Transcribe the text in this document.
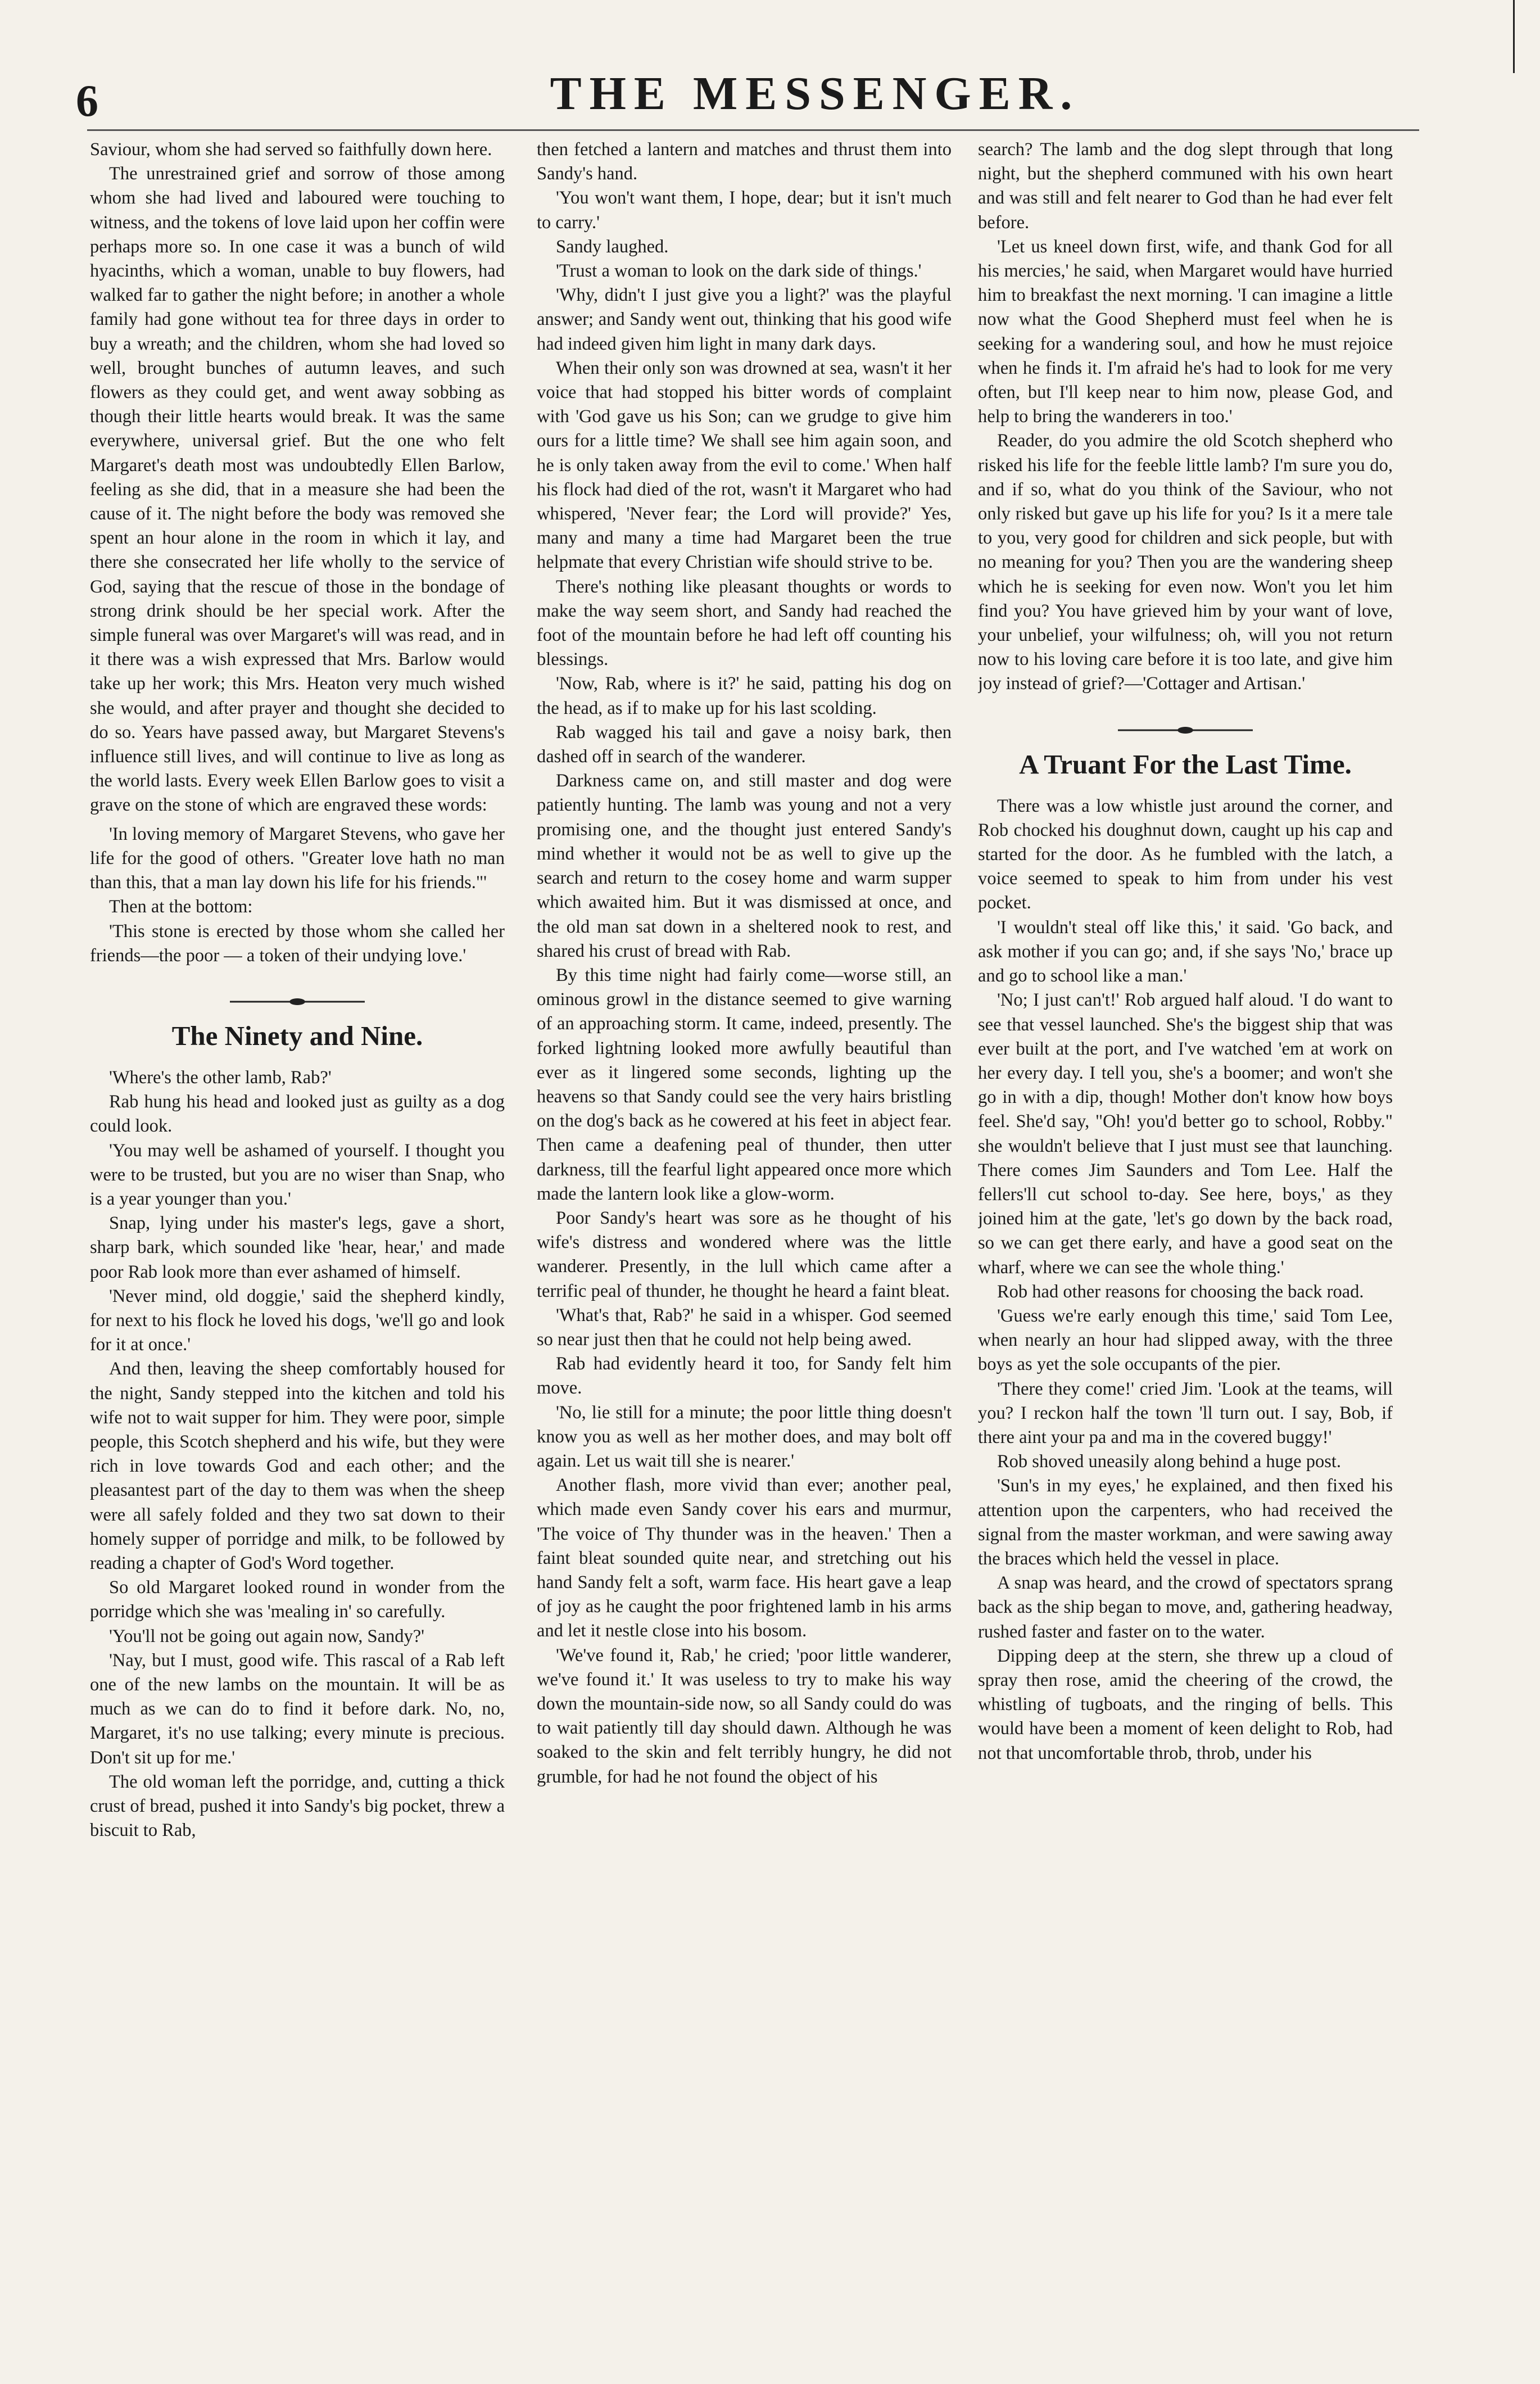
6	THE MESSENGER.

Saviour, whom she had served so faithfully down here.

The unrestrained grief and sorrow of those among whom she had lived and laboured were touching to witness, and the tokens of love laid upon her coffin were perhaps more so. In one case it was a bunch of wild hyacinths, which a woman, unable to buy flowers, had walked far to gather the night before; in another a whole family had gone without tea for three days in order to buy a wreath; and the children, whom she had loved so well, brought bunches of autumn leaves, and such flowers as they could get, and went away sobbing as though their little hearts would break. It was the same everywhere, universal grief. But the one who felt Margaret's death most was undoubtedly Ellen Barlow, feeling as she did, that in a measure she had been the cause of it. The night before the body was removed she spent an hour alone in the room in which it lay, and there she consecrated her life wholly to the service of God, saying that the rescue of those in the bondage of strong drink should be her special work. After the simple funeral was over Margaret's will was read, and in it there was a wish expressed that Mrs. Barlow would take up her work; this Mrs. Heaton very much wished she would, and after prayer and thought she decided to do so. Years have passed away, but Margaret Stevens's influence still lives, and will continue to live as long as the world lasts. Every week Ellen Barlow goes to visit a grave on the stone of which are engraved these words:

'In loving memory of Margaret Stevens, who gave her life for the good of others. "Greater love hath no man than this, that a man lay down his life for his friends."'

Then at the bottom:

'This stone is erected by those whom she called her friends—the poor — a token of their undying love.'

The Ninety and Nine.

'Where's the other lamb, Rab?'

Rab hung his head and looked just as guilty as a dog could look.

'You may well be ashamed of yourself. I thought you were to be trusted, but you are no wiser than Snap, who is a year younger than you.'

Snap, lying under his master's legs, gave a short, sharp bark, which sounded like 'hear, hear,' and made poor Rab look more than ever ashamed of himself.

'Never mind, old doggie,' said the shepherd kindly, for next to his flock he loved his dogs, 'we'll go and look for it at once.'

And then, leaving the sheep comfortably housed for the night, Sandy stepped into the kitchen and told his wife not to wait supper for him. They were poor, simple people, this Scotch shepherd and his wife, but they were rich in love towards God and each other; and the pleasantest part of the day to them was when the sheep were all safely folded and they two sat down to their homely supper of porridge and milk, to be followed by reading a chapter of God's Word together.

So old Margaret looked round in wonder from the porridge which she was 'mealing in' so carefully.

'You'll not be going out again now, Sandy?'

'Nay, but I must, good wife. This rascal of a Rab left one of the new lambs on the mountain. It will be as much as we can do to find it before dark. No, no, Margaret, it's no use talking; every minute is precious. Don't sit up for me.'

The old woman left the porridge, and, cutting a thick crust of bread, pushed it into Sandy's big pocket, threw a biscuit to Rab,

then fetched a lantern and matches and thrust them into Sandy's hand.

'You won't want them, I hope, dear; but it isn't much to carry.'

Sandy laughed.

'Trust a woman to look on the dark side of things.'

'Why, didn't I just give you a light?' was the playful answer; and Sandy went out, thinking that his good wife had indeed given him light in many dark days.

When their only son was drowned at sea, wasn't it her voice that had stopped his bitter words of complaint with 'God gave us his Son; can we grudge to give him ours for a little time? We shall see him again soon, and he is only taken away from the evil to come.' When half his flock had died of the rot, wasn't it Margaret who had whispered, 'Never fear; the Lord will provide?' Yes, many and many a time had Margaret been the true helpmate that every Christian wife should strive to be.

There's nothing like pleasant thoughts or words to make the way seem short, and Sandy had reached the foot of the mountain before he had left off counting his blessings.

'Now, Rab, where is it?' he said, patting his dog on the head, as if to make up for his last scolding.

Rab wagged his tail and gave a noisy bark, then dashed off in search of the wanderer.

Darkness came on, and still master and dog were patiently hunting. The lamb was young and not a very promising one, and the thought just entered Sandy's mind whether it would not be as well to give up the search and return to the cosey home and warm supper which awaited him. But it was dismissed at once, and the old man sat down in a sheltered nook to rest, and shared his crust of bread with Rab.

By this time night had fairly come—worse still, an ominous growl in the distance seemed to give warning of an approaching storm. It came, indeed, presently. The forked lightning looked more awfully beautiful than ever as it lingered some seconds, lighting up the heavens so that Sandy could see the very hairs bristling on the dog's back as he cowered at his feet in abject fear. Then came a deafening peal of thunder, then utter darkness, till the fearful light appeared once more which made the lantern look like a glow-worm.

Poor Sandy's heart was sore as he thought of his wife's distress and wondered where was the little wanderer. Presently, in the lull which came after a terrific peal of thunder, he thought he heard a faint bleat.

'What's that, Rab?' he said in a whisper. God seemed so near just then that he could not help being awed.

Rab had evidently heard it too, for Sandy felt him move.

'No, lie still for a minute; the poor little thing doesn't know you as well as her mother does, and may bolt off again. Let us wait till she is nearer.'

Another flash, more vivid than ever; another peal, which made even Sandy cover his ears and murmur, 'The voice of Thy thunder was in the heaven.' Then a faint bleat sounded quite near, and stretching out his hand Sandy felt a soft, warm face. His heart gave a leap of joy as he caught the poor frightened lamb in his arms and let it nestle close into his bosom.

'We've found it, Rab,' he cried; 'poor little wanderer, we've found it.' It was useless to try to make his way down the mountain-side now, so all Sandy could do was to wait patiently till day should dawn. Although he was soaked to the skin and felt terribly hungry, he did not grumble, for had he not found the object of his

search? The lamb and the dog slept through that long night, but the shepherd communed with his own heart and was still and felt nearer to God than he had ever felt before.

'Let us kneel down first, wife, and thank God for all his mercies,' he said, when Margaret would have hurried him to breakfast the next morning. 'I can imagine a little now what the Good Shepherd must feel when he is seeking for a wandering soul, and how he must rejoice when he finds it. I'm afraid he's had to look for me very often, but I'll keep near to him now, please God, and help to bring the wanderers in too.'

Reader, do you admire the old Scotch shepherd who risked his life for the feeble little lamb? I'm sure you do, and if so, what do you think of the Saviour, who not only risked but gave up his life for you? Is it a mere tale to you, very good for children and sick people, but with no meaning for you? Then you are the wandering sheep which he is seeking for even now. Won't you let him find you? You have grieved him by your want of love, your unbelief, your wilfulness; oh, will you not return now to his loving care before it is too late, and give him joy instead of grief?—'Cottager and Artisan.'

A Truant For the Last Time.

There was a low whistle just around the corner, and Rob chocked his doughnut down, caught up his cap and started for the door. As he fumbled with the latch, a voice seemed to speak to him from under his vest pocket.

'I wouldn't steal off like this,' it said. 'Go back, and ask mother if you can go; and, if she says 'No,' brace up and go to school like a man.'

'No; I just can't!' Rob argued half aloud. 'I do want to see that vessel launched. She's the biggest ship that was ever built at the port, and I've watched 'em at work on her every day. I tell you, she's a boomer; and won't she go in with a dip, though! Mother don't know how boys feel. She'd say, "Oh! you'd better go to school, Robby." she wouldn't believe that I just must see that launching. There comes Jim Saunders and Tom Lee. Half the fellers'll cut school to-day. See here, boys,' as they joined him at the gate, 'let's go down by the back road, so we can get there early, and have a good seat on the wharf, where we can see the whole thing.'

Rob had other reasons for choosing the back road.

'Guess we're early enough this time,' said Tom Lee, when nearly an hour had slipped away, with the three boys as yet the sole occupants of the pier.

'There they come!' cried Jim. 'Look at the teams, will you? I reckon half the town 'll turn out. I say, Bob, if there aint your pa and ma in the covered buggy!'

Rob shoved uneasily along behind a huge post.

'Sun's in my eyes,' he explained, and then fixed his attention upon the carpenters, who had received the signal from the master workman, and were sawing away the braces which held the vessel in place.

A snap was heard, and the crowd of spectators sprang back as the ship began to move, and, gathering headway, rushed faster and faster on to the water.

Dipping deep at the stern, she threw up a cloud of spray then rose, amid the cheering of the crowd, the whistling of tugboats, and the ringing of bells. This would have been a moment of keen delight to Rob, had not that uncomfortable throb, throb, under his
